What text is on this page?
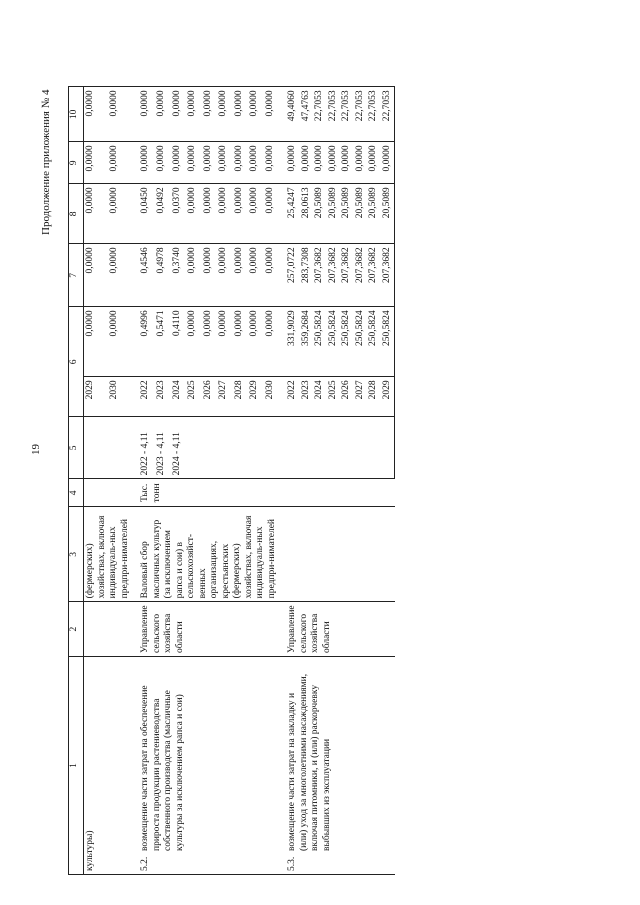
19
Продолжение приложения № 4
1	2	3	4	5	6		7	8	9	10
культуры)		(фермерских) хозяйствах, включая индивидуаль-ных предпри-нимателей			2029	0,0000	0,0000	0,0000	0,0000	0,0000
					2030	0,0000	0,0000	0,0000	0,0000	0,0000
5.2.возмещение части затрат на обеспечение прироста продукции растениеводства собственного производства (масличные культуры за исключением рапса и сои)	Управление сельского хозяйства области	Валовый сбор масличных культур (за исключением рапса и сои) в сельскохозяйст-венных организациях, крестьянских (фермерских) хозяйствах, включая индивидуаль-ных предпри-нимателей	Тыс. тонн	2022 - 4,11	2022	0,4996	0,4546	0,0450	0,0000	0,0000
				2023 - 4,11	2023	0,5471	0,4978	0,0492	0,0000	0,0000
				2024 - 4,11	2024	0,4110	0,3740	0,0370	0,0000	0,0000
					2025	0,0000	0,0000	0,0000	0,0000	0,0000
					2026	0,0000	0,0000	0,0000	0,0000	0,0000
					2027	0,0000	0,0000	0,0000	0,0000	0,0000
					2028	0,0000	0,0000	0,0000	0,0000	0,0000
					2029	0,0000	0,0000	0,0000	0,0000	0,0000
					2030	0,0000	0,0000	0,0000	0,0000	0,0000
5.3.возмещение части затрат на закладку и (или) уход за многолетними насаждениями, включая питомники, и (или) раскорчевку выбывших из эксплуатации	Управление сельского хозяйства области				2022	331,9029	257,0722	25,4247	0,0000	49,4060
					2023	359,2684	283,7308	28,0613	0,0000	47,4763
					2024	250,5824	207,3682	20,5089	0,0000	22,7053
					2025	250,5824	207,3682	20,5089	0,0000	22,7053
					2026	250,5824	207,3682	20,5089	0,0000	22,7053
					2027	250,5824	207,3682	20,5089	0,0000	22,7053
					2028	250,5824	207,3682	20,5089	0,0000	22,7053
					2029	250,5824	207,3682	20,5089	0,0000	22,7053
